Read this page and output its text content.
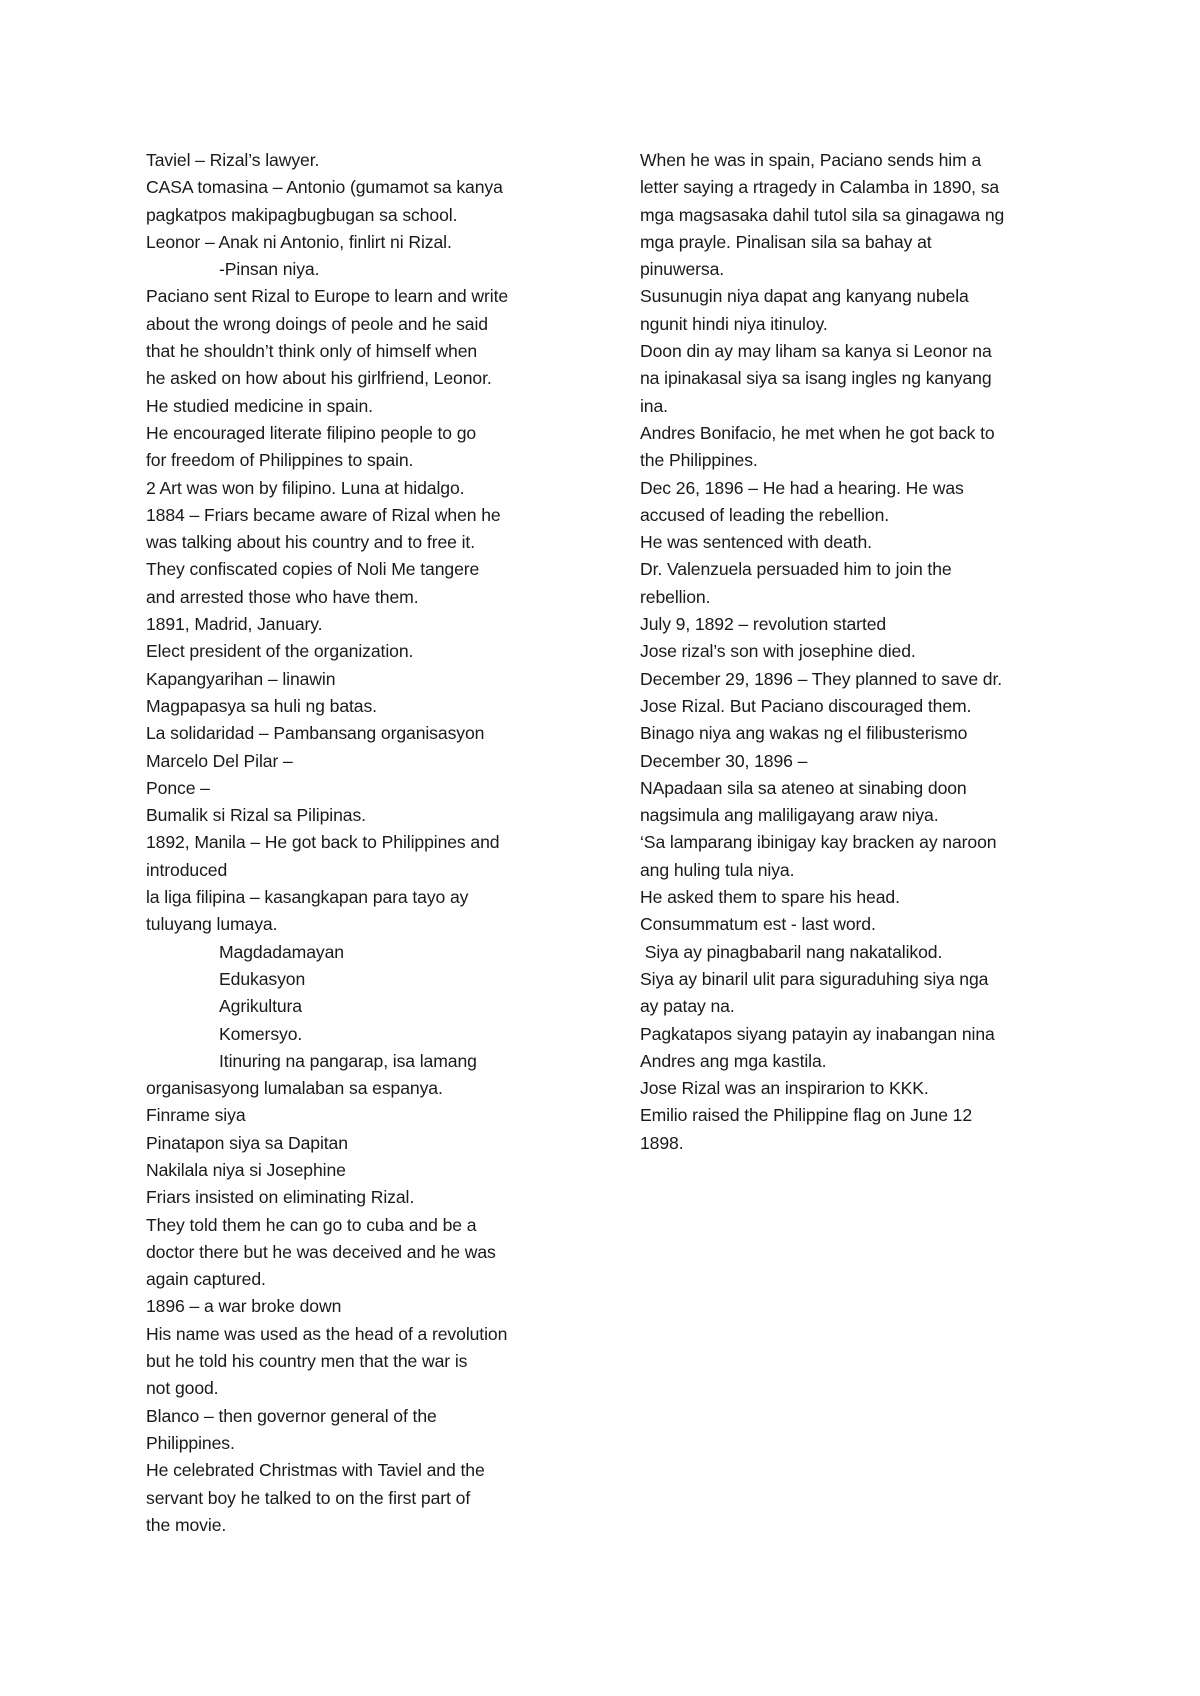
Taviel – Rizal’s lawyer.
CASA tomasina – Antonio (gumamot sa kanya
pagkatpos makipagbugbugan sa school.
Leonor – Anak ni Antonio, finlirt ni Rizal.
-Pinsan niya.
Paciano sent Rizal to Europe to learn and write
about the wrong doings of peole and he said
that he shouldn’t think only of himself when
he asked on how about his girlfriend, Leonor.
He studied medicine in spain.
He encouraged literate filipino people to go
for freedom of Philippines to spain.
2 Art was won by filipino. Luna at hidalgo.
1884 – Friars became aware of Rizal when he
was talking about his country and to free it.
They confiscated copies of Noli Me tangere
and arrested those who have them.
1891, Madrid, January.
Elect president of the organization.
Kapangyarihan – linawin
Magpapasya sa huli ng batas.
La solidaridad – Pambansang organisasyon
Marcelo Del Pilar –
Ponce –
Bumalik si Rizal sa Pilipinas.
1892, Manila – He got back to Philippines and
introduced
la liga filipina – kasangkapan para tayo ay
tuluyang lumaya.
Magdadamayan
Edukasyon
Agrikultura
Komersyo.
Itinuring na pangarap, isa lamang
organisasyong lumalaban sa espanya.
Finrame siya
Pinatapon siya sa Dapitan
Nakilala niya si Josephine
Friars insisted on eliminating Rizal.
They told them he can go to cuba and be a
doctor there but he was deceived and he was
again captured.
1896 – a war broke down
His name was used as the head of a revolution
but he told his country men that the war is
not good.
Blanco – then governor general of the
Philippines.
He celebrated Christmas with Taviel and the
servant boy he talked to on the first part of
the movie.
When he was in spain, Paciano sends him a
letter saying a rtragedy in Calamba in 1890, sa
mga magsasaka dahil tutol sila sa ginagawa ng
mga prayle. Pinalisan sila sa bahay at
pinuwersa.
Susunugin niya dapat ang kanyang nubela
ngunit hindi niya itinuloy.
Doon din ay may liham sa kanya si Leonor na
na ipinakasal siya sa isang ingles ng kanyang
ina.
Andres Bonifacio, he met when he got back to
the Philippines.
Dec 26, 1896 – He had a hearing. He was
accused of leading the rebellion.
He was sentenced with death.
Dr. Valenzuela persuaded him to join the
rebellion.
July 9, 1892 – revolution started
Jose rizal’s son with josephine died.
December 29, 1896 – They planned to save dr.
Jose Rizal. But Paciano discouraged them.
Binago niya ang wakas ng el filibusterismo
December 30, 1896 –
NApadaan sila sa ateneo at sinabing doon
nagsimula ang maliligayang araw niya.
‘Sa lamparang ibinigay kay bracken ay naroon
ang huling tula niya.
He asked them to spare his head.
Consummatum est - last word.
Siya ay pinagbabaril nang nakatalikod.
Siya ay binaril ulit para siguraduhing siya nga
ay patay na.
Pagkatapos siyang patayin ay inabangan nina
Andres ang mga kastila.
Jose Rizal was an inspirarion to KKK.
Emilio raised the Philippine flag on June 12
1898.
